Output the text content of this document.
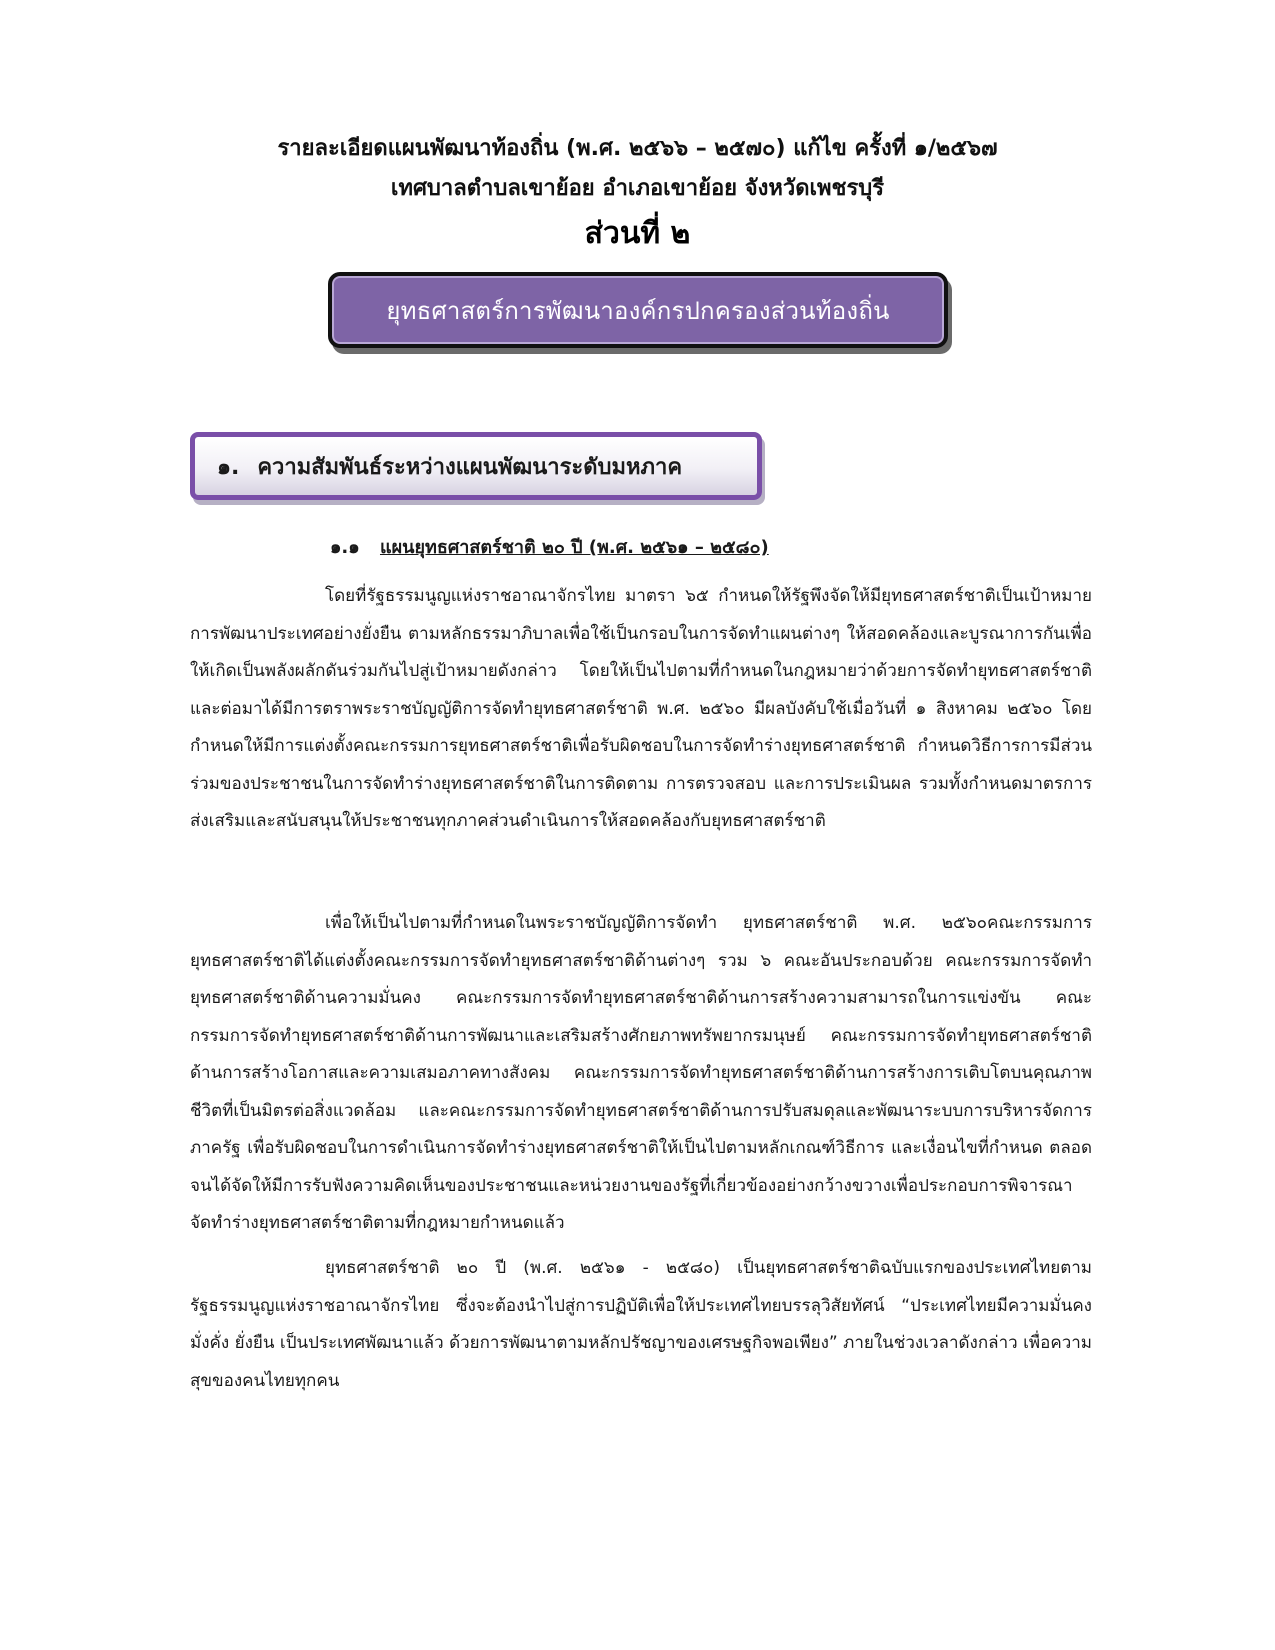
รายละเอียดแผนพัฒนาท้องถิ่น (พ.ศ. ๒๕๖๖ – ๒๕๗๐) แก้ไข ครั้งที่ ๑/๒๕๖๗
เทศบาลตำบลเขาย้อย อำเภอเขาย้อย จังหวัดเพชรบุรี
ส่วนที่ ๒
ยุทธศาสตร์การพัฒนาองค์กรปกครองส่วนท้องถิ่น
๑. ความสัมพันธ์ระหว่างแผนพัฒนาระดับมหภาค
๑.๑ แผนยุทธศาสตร์ชาติ ๒๐ ปี (พ.ศ. ๒๕๖๑ – ๒๕๘๐)

โดยที่รัฐธรรมนูญแห่งราชอาณาจักรไทย มาตรา ๖๕ กำหนดให้รัฐพึงจัดให้มียุทธศาสตร์ชาติเป็นเป้าหมายการพัฒนาประเทศอย่างยั่งยืน ตามหลักธรรมาภิบาลเพื่อใช้เป็นกรอบในการจัดทำแผนต่างๆ ให้สอดคล้องและบูรณาการกันเพื่อให้เกิดเป็นพลังผลักดันร่วมกันไปสู่เป้าหมายดังกล่าว โดยให้เป็นไปตามที่กำหนดในกฎหมายว่าด้วยการจัดทำยุทธศาสตร์ชาติ และต่อมาได้มีการตราพระราชบัญญัติการจัดทำยุทธศาสตร์ชาติ พ.ศ. ๒๕๖๐ มีผลบังคับใช้เมื่อวันที่ ๑ สิงหาคม ๒๕๖๐ โดยกำหนดให้มีการแต่งตั้งคณะกรรมการยุทธศาสตร์ชาติเพื่อรับผิดชอบในการจัดทำร่างยุทธศาสตร์ชาติ กำหนดวิธีการการมีส่วนร่วมของประชาชนในการจัดทำร่างยุทธศาสตร์ชาติในการติดตาม การตรวจสอบ และการประเมินผล รวมทั้งกำหนดมาตรการส่งเสริมและสนับสนุนให้ประชาชนทุกภาคส่วนดำเนินการให้สอดคล้องกับยุทธศาสตร์ชาติ

เพื่อให้เป็นไปตามที่กำหนดในพระราชบัญญัติการจัดทำ ยุทธศาสตร์ชาติ พ.ศ. ๒๕๖๐คณะกรรมการยุทธศาสตร์ชาติได้แต่งตั้งคณะกรรมการจัดทำยุทธศาสตร์ชาติด้านต่างๆ รวม ๖ คณะอันประกอบด้วย คณะกรรมการจัดทำยุทธศาสตร์ชาติด้านความมั่นคง คณะกรรมการจัดทำยุทธศาสตร์ชาติด้านการสร้างความสามารถในการแข่งขัน คณะกรรมการจัดทำยุทธศาสตร์ชาติด้านการพัฒนาและเสริมสร้างศักยภาพทรัพยากรมนุษย์ คณะกรรมการจัดทำยุทธศาสตร์ชาติด้านการสร้างโอกาสและความเสมอภาคทางสังคม คณะกรรมการจัดทำยุทธศาสตร์ชาติด้านการสร้างการเติบโตบนคุณภาพชีวิตที่เป็นมิตรต่อสิ่งแวดล้อม และคณะกรรมการจัดทำยุทธศาสตร์ชาติด้านการปรับสมดุลและพัฒนาระบบการบริหารจัดการภาครัฐ เพื่อรับผิดชอบในการดำเนินการจัดทำร่างยุทธศาสตร์ชาติให้เป็นไปตามหลักเกณฑ์วิธีการ และเงื่อนไขที่กำหนด ตลอดจนได้จัดให้มีการรับฟังความคิดเห็นของประชาชนและหน่วยงานของรัฐที่เกี่ยวข้องอย่างกว้างขวางเพื่อประกอบการพิจารณาจัดทำร่างยุทธศาสตร์ชาติตามที่กฎหมายกำหนดแล้ว

ยุทธศาสตร์ชาติ ๒๐ ปี (พ.ศ. ๒๕๖๑ - ๒๕๘๐) เป็นยุทธศาสตร์ชาติฉบับแรกของประเทศไทยตามรัฐธรรมนูญแห่งราชอาณาจักรไทย ซึ่งจะต้องนำไปสู่การปฏิบัติเพื่อให้ประเทศไทยบรรลุวิสัยทัศน์ “ประเทศไทยมีความมั่นคง มั่งคั่ง ยั่งยืน เป็นประเทศพัฒนาแล้ว ด้วยการพัฒนาตามหลักปรัชญาของเศรษฐกิจพอเพียง” ภายในช่วงเวลาดังกล่าว เพื่อความสุขของคนไทยทุกคน
